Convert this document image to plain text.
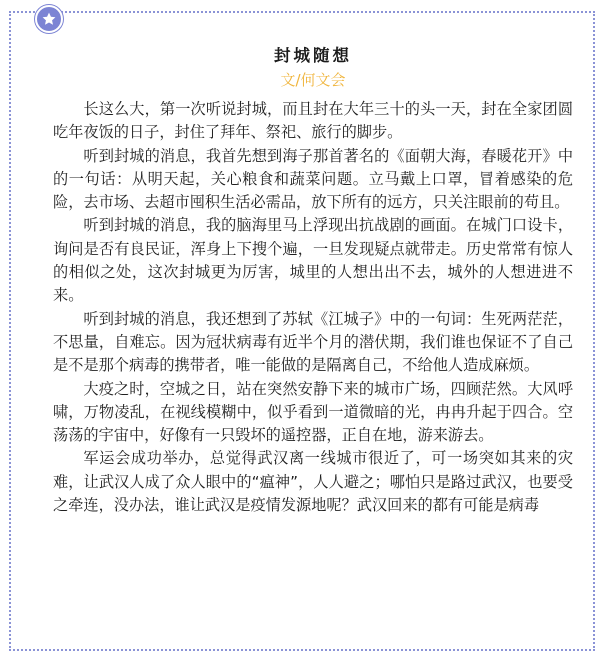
封城随想
文/何文会

长这么大，第一次听说封城，而且封在大年三十的头一天，封在全家团圆吃年夜饭的日子，封住了拜年、祭祀、旅行的脚步。

听到封城的消息，我首先想到海子那首著名的《面朝大海，春暖花开》中的一句话：从明天起，关心粮食和蔬菜问题。立马戴上口罩，冒着感染的危险，去市场、去超市囤积生活必需品，放下所有的远方，只关注眼前的苟且。

听到封城的消息，我的脑海里马上浮现出抗战剧的画面。在城门口设卡，询问是否有良民证，浑身上下搜个遍，一旦发现疑点就带走。历史常常有惊人的相似之处，这次封城更为厉害，城里的人想出出不去，城外的人想进进不来。

听到封城的消息，我还想到了苏轼《江城子》中的一句词：生死两茫茫，不思量，自难忘。因为冠状病毒有近半个月的潜伏期，我们谁也保证不了自己是不是那个病毒的携带者，唯一能做的是隔离自己，不给他人造成麻烦。

大疫之时，空城之日，站在突然安静下来的城市广场，四顾茫然。大风呼啸，万物凌乱，在视线模糊中，似乎看到一道微暗的光，冉冉升起于四合。空荡荡的宇宙中，好像有一只毁坏的遥控器，正自在地，游来游去。

军运会成功举办，总觉得武汉离一线城市很近了，可一场突如其来的灾难，让武汉人成了众人眼中的“瘟神”，人人避之；哪怕只是路过武汉，也要受之牵连，没办法，谁让武汉是疫情发源地呢？武汉回来的都有可能是病毒
